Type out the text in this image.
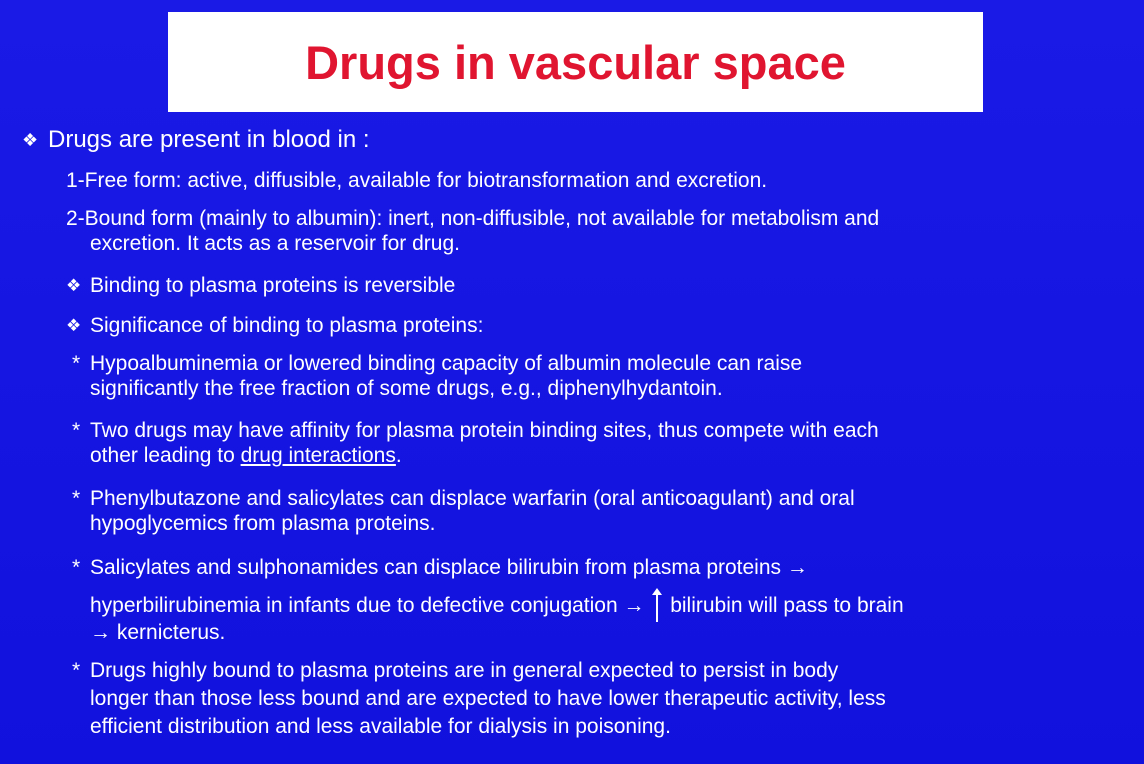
Drugs in vascular space
❖ Drugs are present in blood in :
1-Free form: active, diffusible, available for biotransformation and excretion.
2-Bound form (mainly to albumin): inert, non-diffusible, not available for metabolism and
excretion. It acts as a reservoir for drug.
❖ Binding to plasma proteins is reversible
❖ Significance of binding to plasma proteins:
* Hypoalbuminemia or lowered binding capacity of albumin molecule can raise
significantly the free fraction of some drugs, e.g., diphenylhydantoin.
* Two drugs may have affinity for plasma protein binding sites, thus compete with each
other leading to drug interactions.
* Phenylbutazone and salicylates can displace warfarin (oral anticoagulant) and oral
hypoglycemics from plasma proteins.
* Salicylates and sulphonamides can displace bilirubin from plasma proteins →
hyperbilirubinemia in infants due to defective conjugation → bilirubin will pass to brain
→ kernicterus.
* Drugs highly bound to plasma proteins are in general expected to persist in body
longer than those less bound and are expected to have lower therapeutic activity, less
efficient distribution and less available for dialysis in poisoning.
